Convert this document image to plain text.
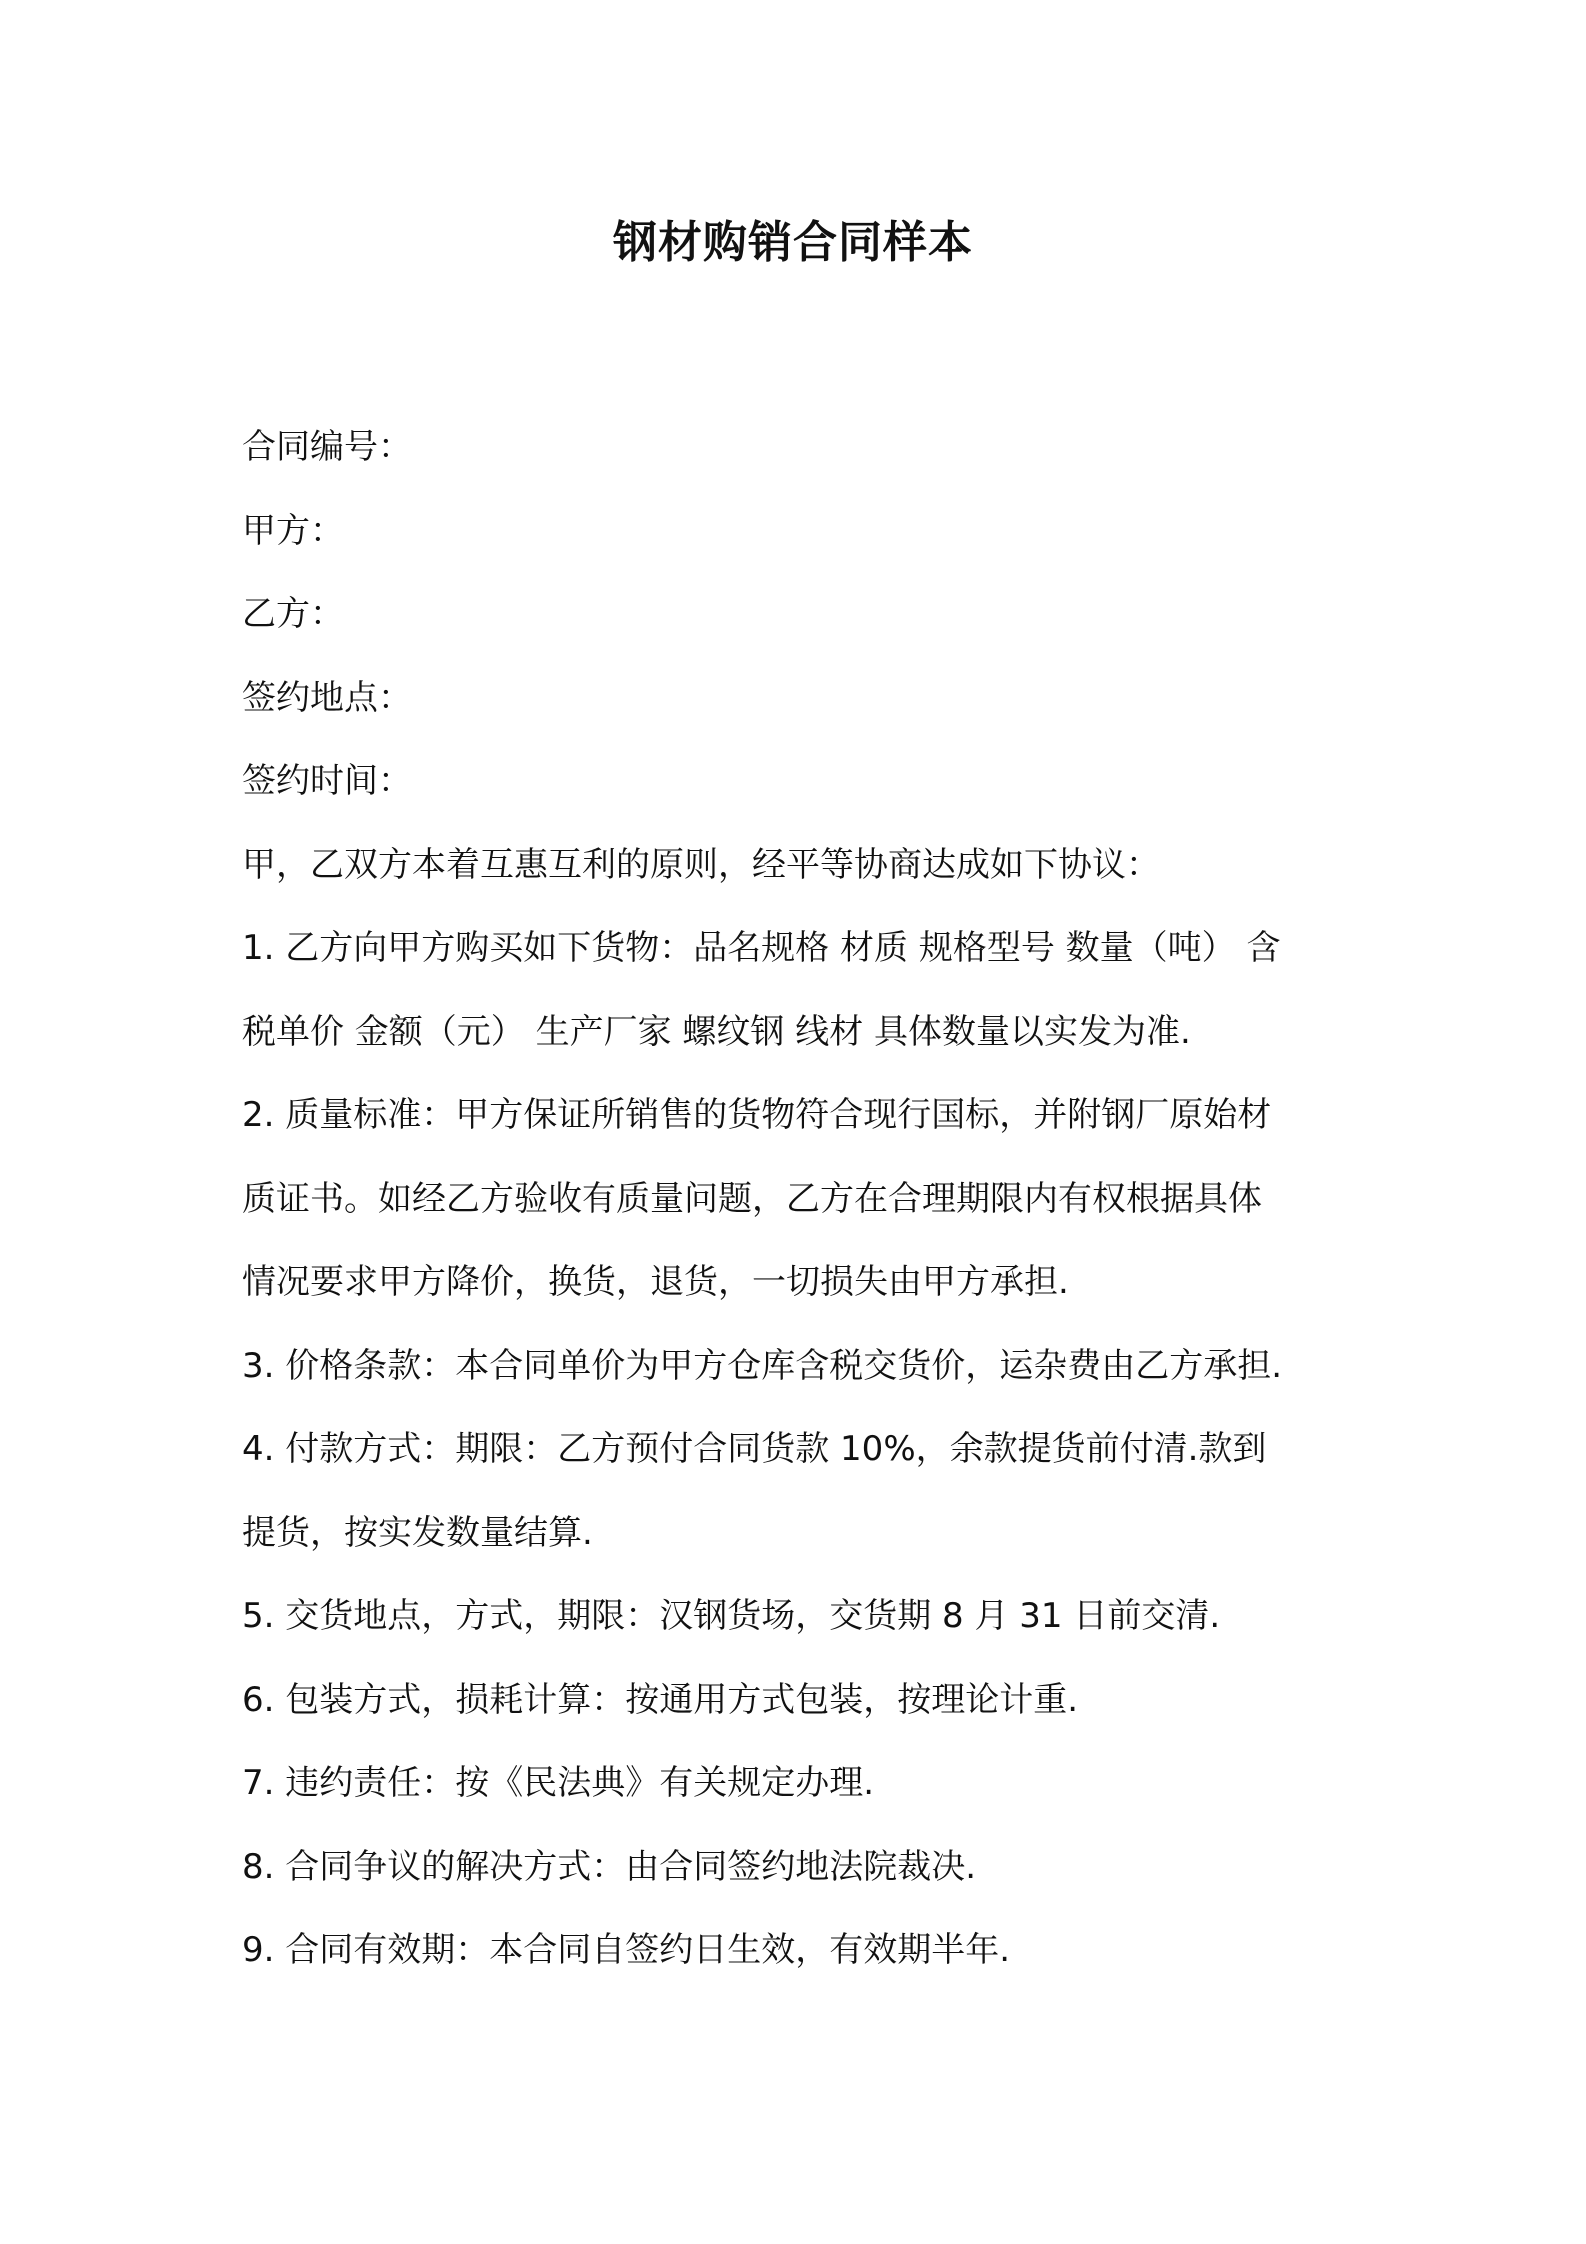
钢材购销合同样本
合同编号：
甲方：
乙方：
签约地点：
签约时间：
甲，乙双方本着互惠互利的原则，经平等协商达成如下协议：
1. 乙方向甲方购买如下货物：品名规格 材质 规格型号 数量（吨） 含
税单价 金额（元） 生产厂家 螺纹钢 线材 具体数量以实发为准.
2. 质量标准：甲方保证所销售的货物符合现行国标，并附钢厂原始材
质证书。如经乙方验收有质量问题，乙方在合理期限内有权根据具体
情况要求甲方降价，换货，退货，一切损失由甲方承担.
3. 价格条款：本合同单价为甲方仓库含税交货价，运杂费由乙方承担.
4. 付款方式：期限：乙方预付合同货款 10%，余款提货前付清.款到
提货，按实发数量结算.
5. 交货地点，方式，期限：汉钢货场，交货期 8 月 31 日前交清.
6. 包装方式，损耗计算：按通用方式包装，按理论计重.
7. 违约责任：按《民法典》有关规定办理.
8. 合同争议的解决方式：由合同签约地法院裁决.
9. 合同有效期：本合同自签约日生效，有效期半年.
